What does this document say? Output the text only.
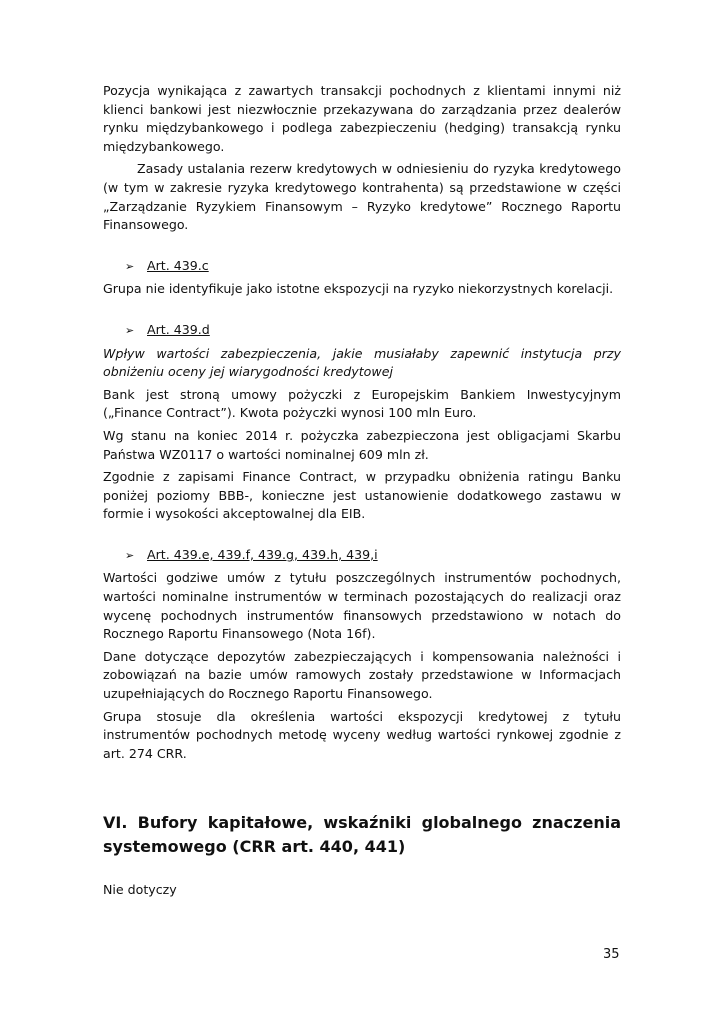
Pozycja wynikająca z zawartych transakcji pochodnych z klientami innymi niż klienci bankowi jest niezwłocznie przekazywana do zarządzania przez dealerów rynku międzybankowego i podlega zabezpieczeniu (hedging) transakcją rynku międzybankowego.

Zasady ustalania rezerw kredytowych w odniesieniu do ryzyka kredytowego (w tym w zakresie ryzyka kredytowego kontrahenta) są przedstawione w części „Zarządzanie Ryzykiem Finansowym – Ryzyko kredytowe” Rocznego Raportu Finansowego.

➢ Art. 439.c

Grupa nie identyfikuje jako istotne ekspozycji na ryzyko niekorzystnych korelacji.

➢ Art. 439.d

Wpływ wartości zabezpieczenia, jakie musiałaby zapewnić instytucja przy obniżeniu oceny jej wiarygodności kredytowej

Bank jest stroną umowy pożyczki z Europejskim Bankiem Inwestycyjnym („Finance Contract”). Kwota pożyczki wynosi 100 mln Euro.

Wg stanu na koniec 2014 r. pożyczka zabezpieczona jest obligacjami Skarbu Państwa WZ0117 o wartości nominalnej 609 mln zł.

Zgodnie z zapisami Finance Contract, w przypadku obniżenia ratingu Banku poniżej poziomy BBB-, konieczne jest ustanowienie dodatkowego zastawu w formie i wysokości akceptowalnej dla EIB.

➢ Art. 439.e, 439.f, 439.g, 439.h, 439,i

Wartości godziwe umów z tytułu poszczególnych instrumentów pochodnych, wartości nominalne instrumentów w terminach pozostających do realizacji oraz wycenę pochodnych instrumentów finansowych przedstawiono w notach do Rocznego Raportu Finansowego (Nota 16f).

Dane dotyczące depozytów zabezpieczających i kompensowania należności i zobowiązań na bazie umów ramowych zostały przedstawione w Informacjach uzupełniających do Rocznego Raportu Finansowego.

Grupa stosuje dla określenia wartości ekspozycji kredytowej z tytułu instrumentów pochodnych metodę wyceny według wartości rynkowej zgodnie z art. 274 CRR.

VI. Bufory kapitałowe, wskaźniki globalnego znaczenia systemowego (CRR art. 440, 441)

Nie dotyczy

35
